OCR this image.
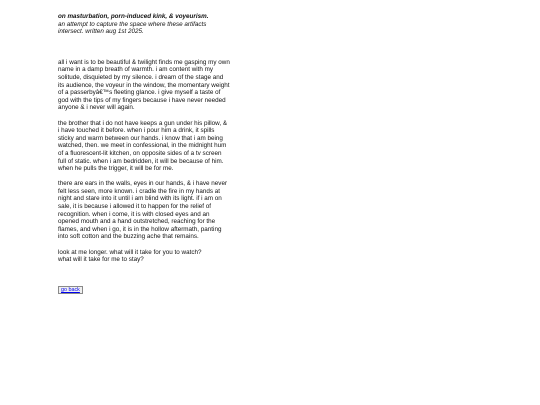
on masturbation, porn-induced kink, & voyeurism.

an attempt to capture the space where these artifacts intersect. written aug 1st 2025.

all i want is to be beautiful & twilight finds me gasping my own name in a damp breath of warmth. i am content with my solitude, disquieted by my silence. i dream of the stage and its audience, the voyeur in the window, the momentary weight of a passerbyâ€™s fleeting glance. i give myself a taste of god with the tips of my fingers because i have never needed anyone & i never will again.

the brother that i do not have keeps a gun under his pillow, & i have touched it before. when i pour him a drink, it spills sticky and warm between our hands. i know that i am being watched, then. we meet in confessional, in the midnight hum of a fluorescent-lit kitchen, on opposite sides of a tv screen full of static. when i am bedridden, it will be because of him. when he pulls the trigger, it will be for me.

there are ears in the walls, eyes in our hands, & i have never felt less seen, more known. i cradle the fire in my hands at night and stare into it until i am blind with its light. if i am on sale, it is because i allowed it to happen for the relief of recognition. when i come, it is with closed eyes and an opened mouth and a hand outstretched, reaching for the flames, and when i go, it is in the hollow aftermath, panting into soft cotton and the buzzing ache that remains.

look at me longer. what will it take for you to watch?

what will it take for me to stay?

go back
